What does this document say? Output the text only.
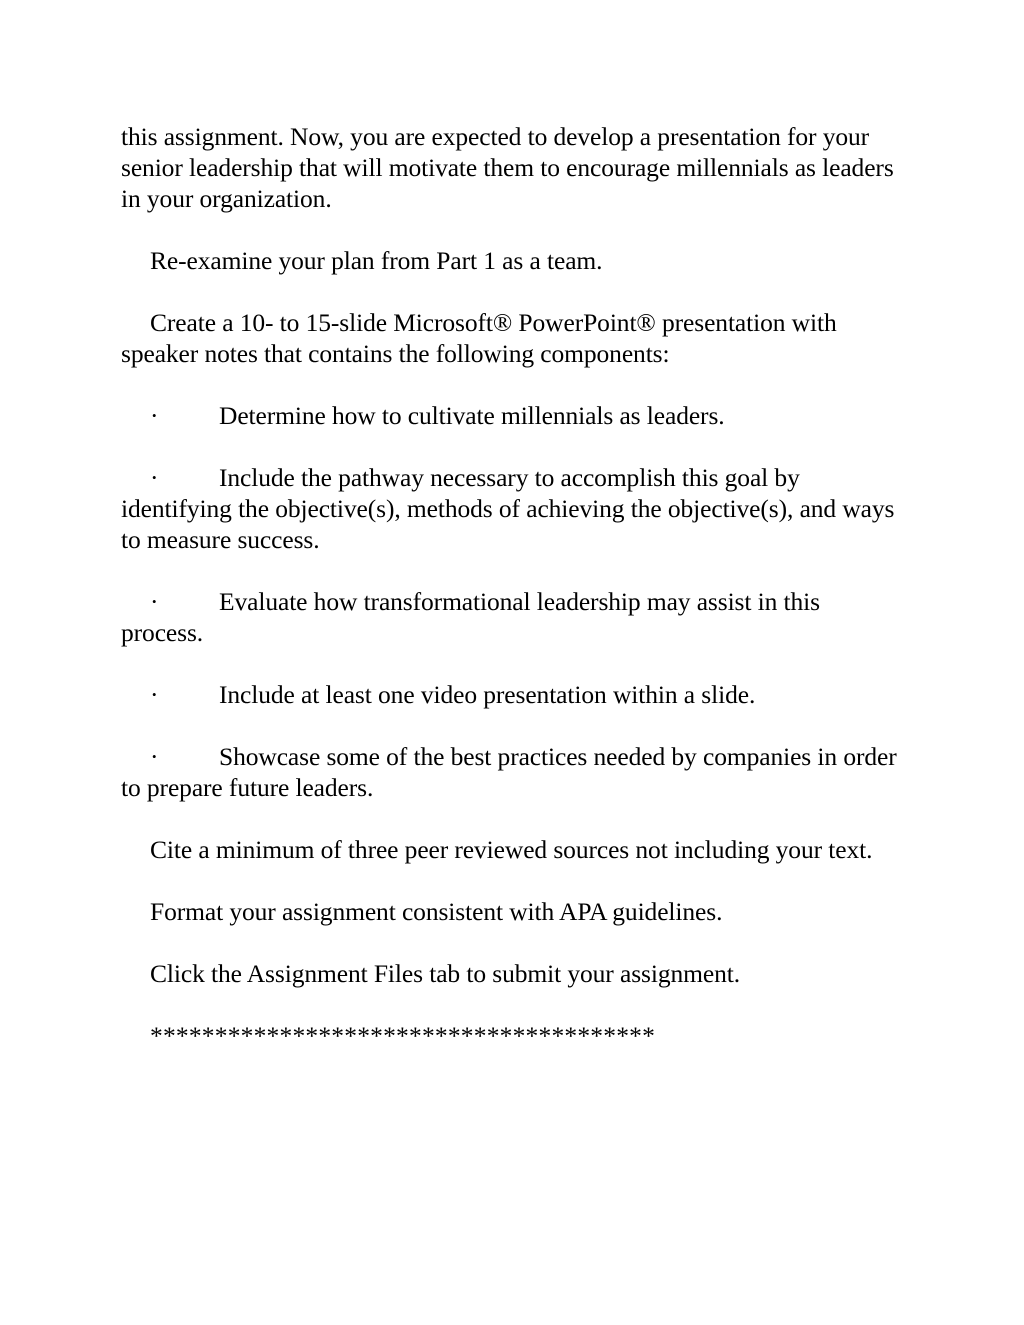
this assignment. Now, you are expected to develop a presentation for your senior leadership that will motivate them to encourage millennials as leaders in your organization.

Re-examine your plan from Part 1 as a team.

Create a 10- to 15-slide Microsoft® PowerPoint® presentation with speaker notes that contains the following components:

· Determine how to cultivate millennials as leaders.

· Include the pathway necessary to accomplish this goal by identifying the objective(s), methods of achieving the objective(s), and ways to measure success.

· Evaluate how transformational leadership may assist in this process.

· Include at least one video presentation within a slide.

· Showcase some of the best practices needed by companies in order to prepare future leaders.

Cite a minimum of three peer reviewed sources not including your text.

Format your assignment consistent with APA guidelines.

Click the Assignment Files tab to submit your assignment.

***************************************
